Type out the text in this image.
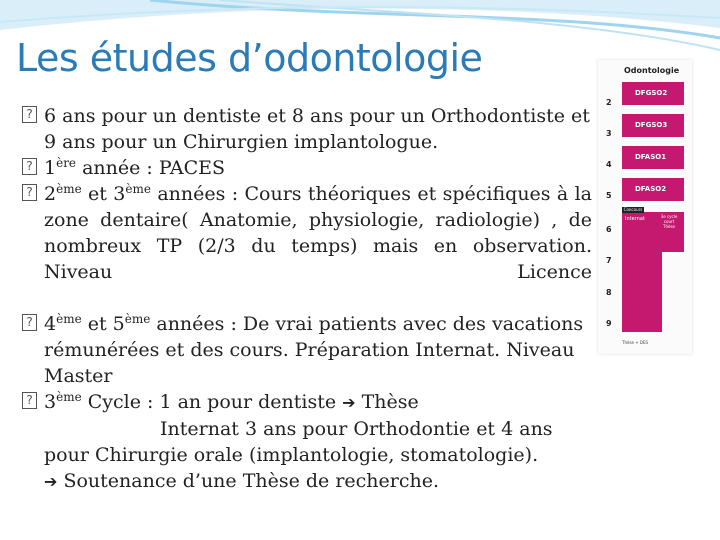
Les études d’odontologie
? 6 ans pour un dentiste et 8 ans pour un Orthodontiste et 9 ans pour un Chirurgien implantologue.
? 1ère année : PACES
? 2ème et 3ème années : Cours théoriques et spécifiques à la zone dentaire( Anatomie, physiologie, radiologie) , de nombreux TP (2/3 du temps) mais en observation. Niveau Licence
? 4ème et 5ème années : De vrai patients avec des vacations rémunérées et des cours. Préparation Internat. Niveau Master
? 3ème Cycle : 1 an pour dentiste ➔ Thèse
Internat 3 ans pour Orthodontie et 4 ans pour Chirurgie orale (implantologie, stomatologie).
➔ Soutenance d’une Thèse de recherche.
Odontologie
2
3
4
5
6
7
8
9
DFGSO2
DFGSO3
DFASO1
DFASO2
Internat	3e cycle court
Thèse
Concours
Thèse + DES
